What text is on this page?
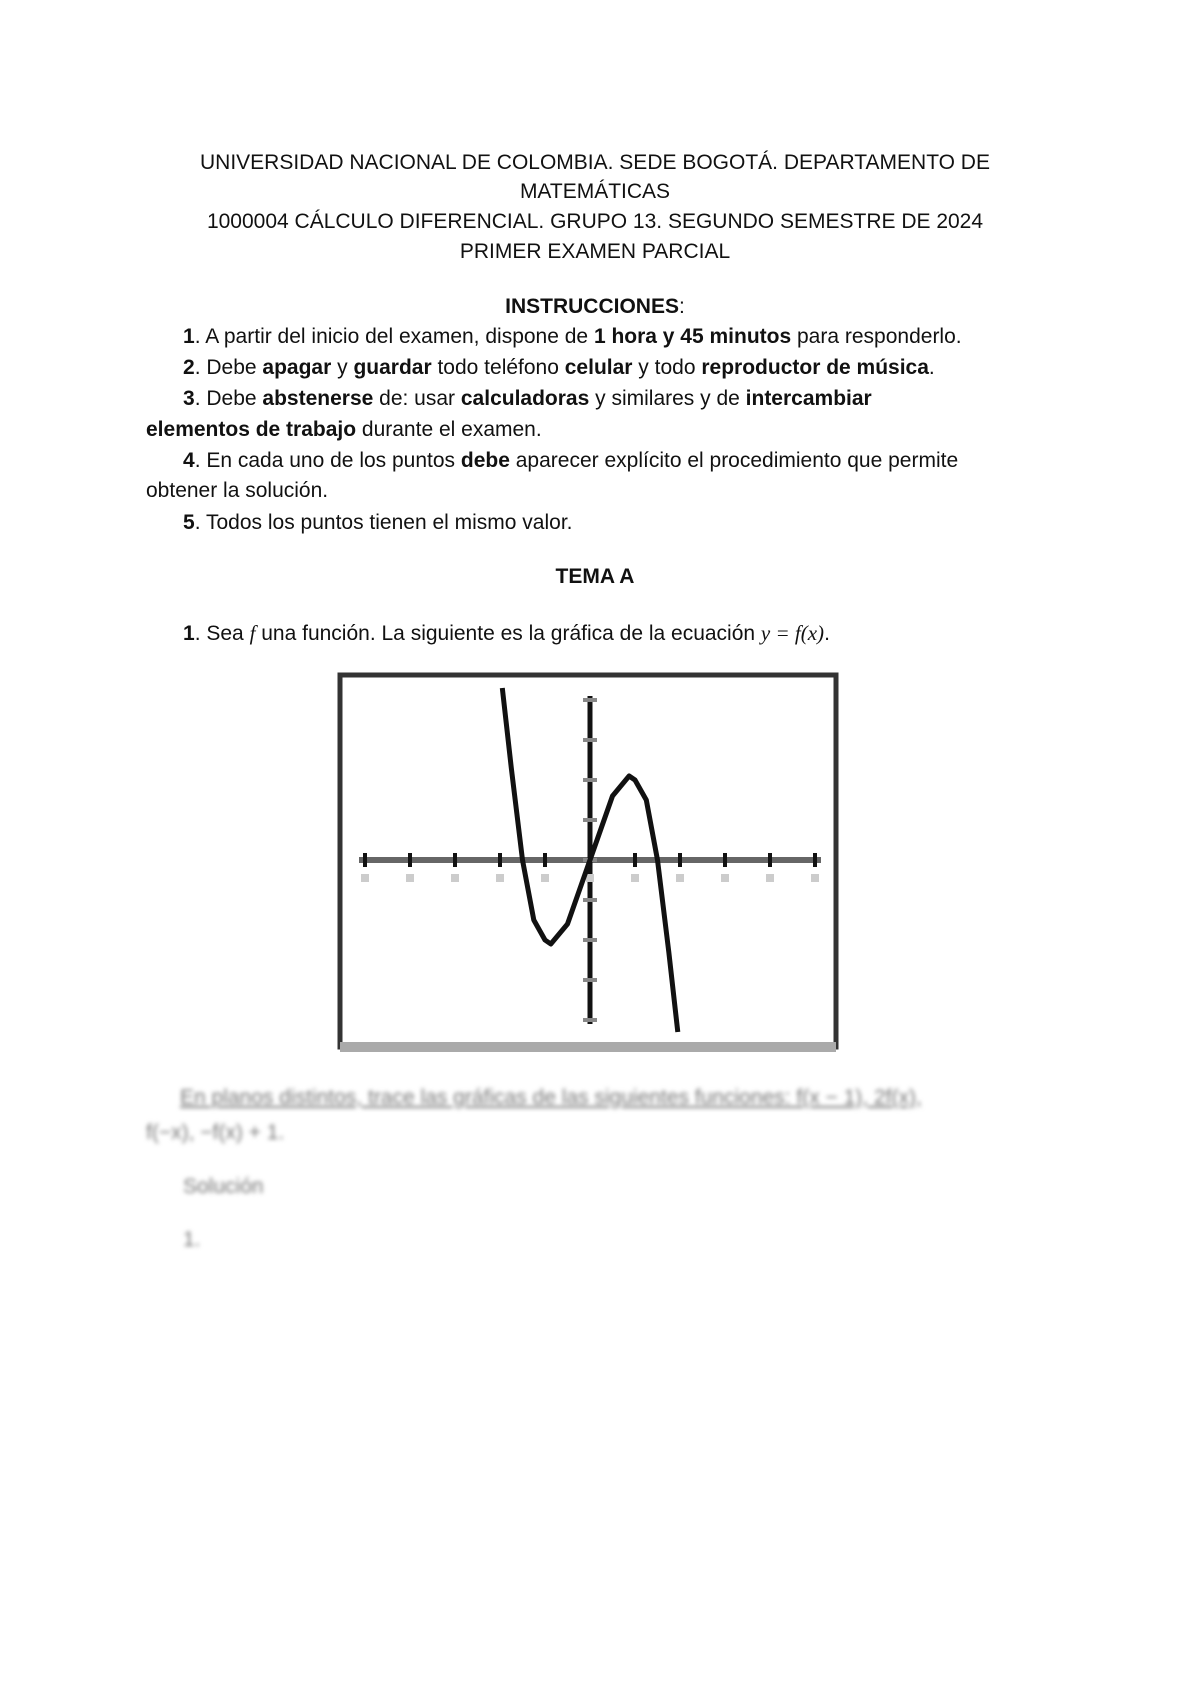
UNIVERSIDAD NACIONAL DE COLOMBIA. SEDE BOGOTÁ. DEPARTAMENTO DE
MATEMÁTICAS
1000004 CÁLCULO DIFERENCIAL. GRUPO 13. SEGUNDO SEMESTRE DE 2024
PRIMER EXAMEN PARCIAL
INSTRUCCIONES:
1. A partir del inicio del examen, dispone de 1 hora y 45 minutos para responderlo.
2. Debe apagar y guardar todo teléfono celular y todo reproductor de música.
3. Debe abstenerse de: usar calculadoras y similares y de intercambiar
elementos de trabajo durante el examen.
4. En cada uno de los puntos debe aparecer explícito el procedimiento que permite
obtener la solución.
5. Todos los puntos tienen el mismo valor.
TEMA A
1. Sea f una función. La siguiente es la gráfica de la ecuación y = f(x).
En planos distintos, trace las gráficas de las siguientes funciones: f(x − 1), 2f(x),
f(−x), −f(x) + 1.
Solución
1.
